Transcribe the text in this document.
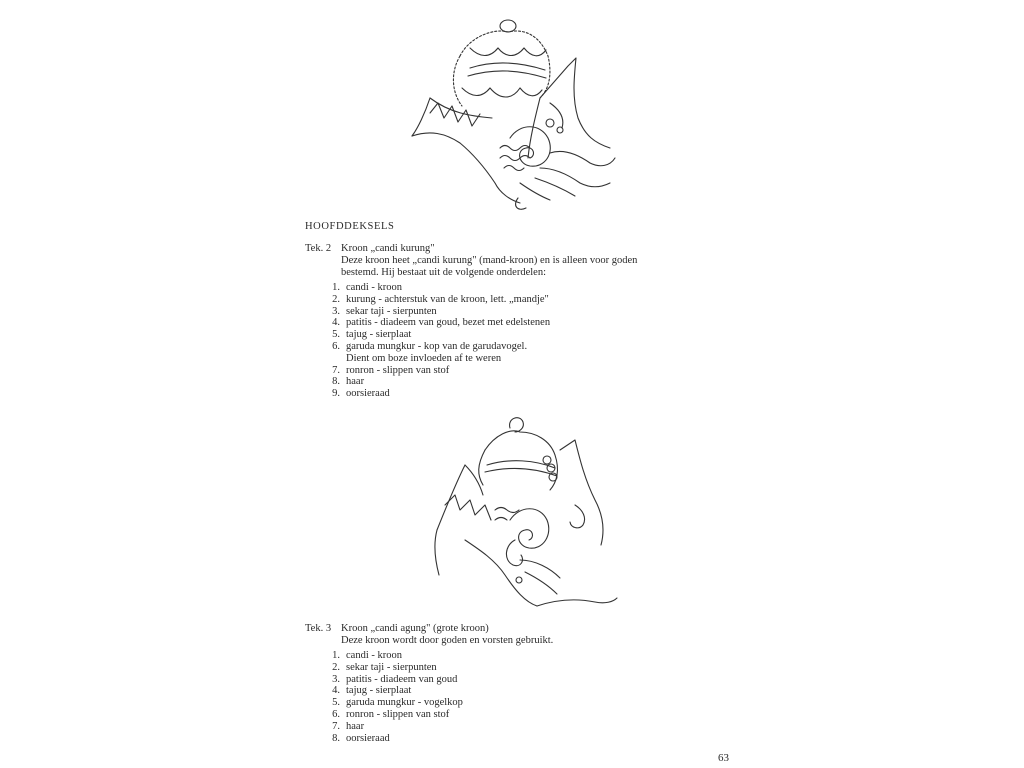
HOOFDDEKSELS
Tek. 2 Kroon „candi kurung"
Deze kroon heet „candi kurung" (mand-kroon) en is alleen voor goden
bestemd. Hij bestaat uit de volgende onderdelen:
1. candi - kroon
2. kurung - achterstuk van de kroon, lett. „mandje"
3. sekar taji - sierpunten
4. patitis - diadeem van goud, bezet met edelstenen
5. tajug - sierplaat
6. garuda mungkur - kop van de garudavogel.
Dient om boze invloeden af te weren
7. ronron - slippen van stof
8. haar
9. oorsieraad
Tek. 3 Kroon „candi agung" (grote kroon)
Deze kroon wordt door goden en vorsten gebruikt.
1. candi - kroon
2. sekar taji - sierpunten
3. patitis - diadeem van goud
4. tajug - sierplaat
5. garuda mungkur - vogelkop
6. ronron - slippen van stof
7. haar
8. oorsieraad
63
